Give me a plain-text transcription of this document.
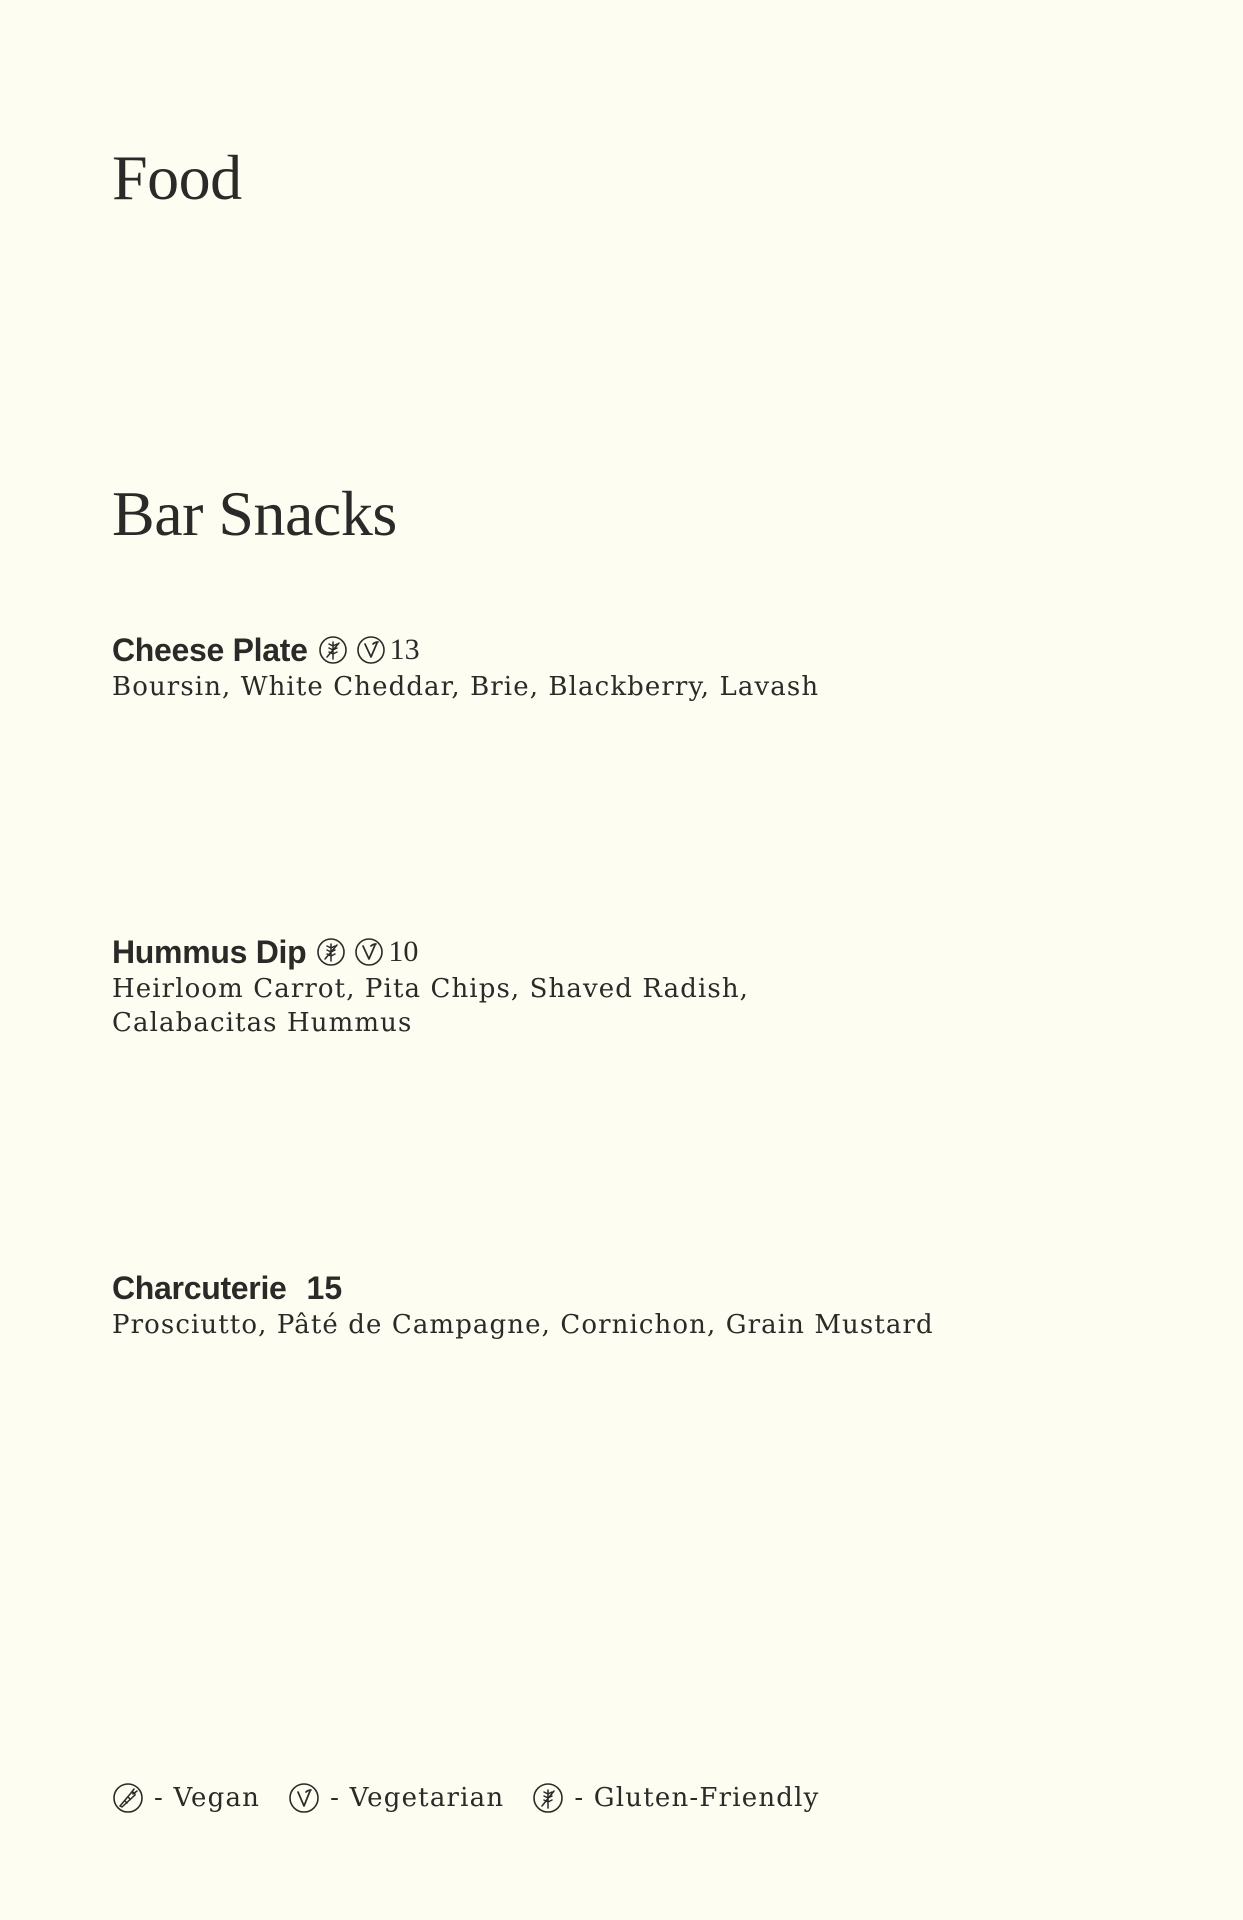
Food
Bar Snacks
Cheese Plate	13

Boursin, White Cheddar, Brie, Blackberry, Lavash

Hummus Dip	10

Heirloom Carrot, Pita Chips, Shaved Radish,
Calabacitas Hummus

Charcuterie 15

Prosciutto, Pâté de Campagne, Cornichon, Grain Mustard

- Vegan	- Vegetarian	- Gluten-Friendly
